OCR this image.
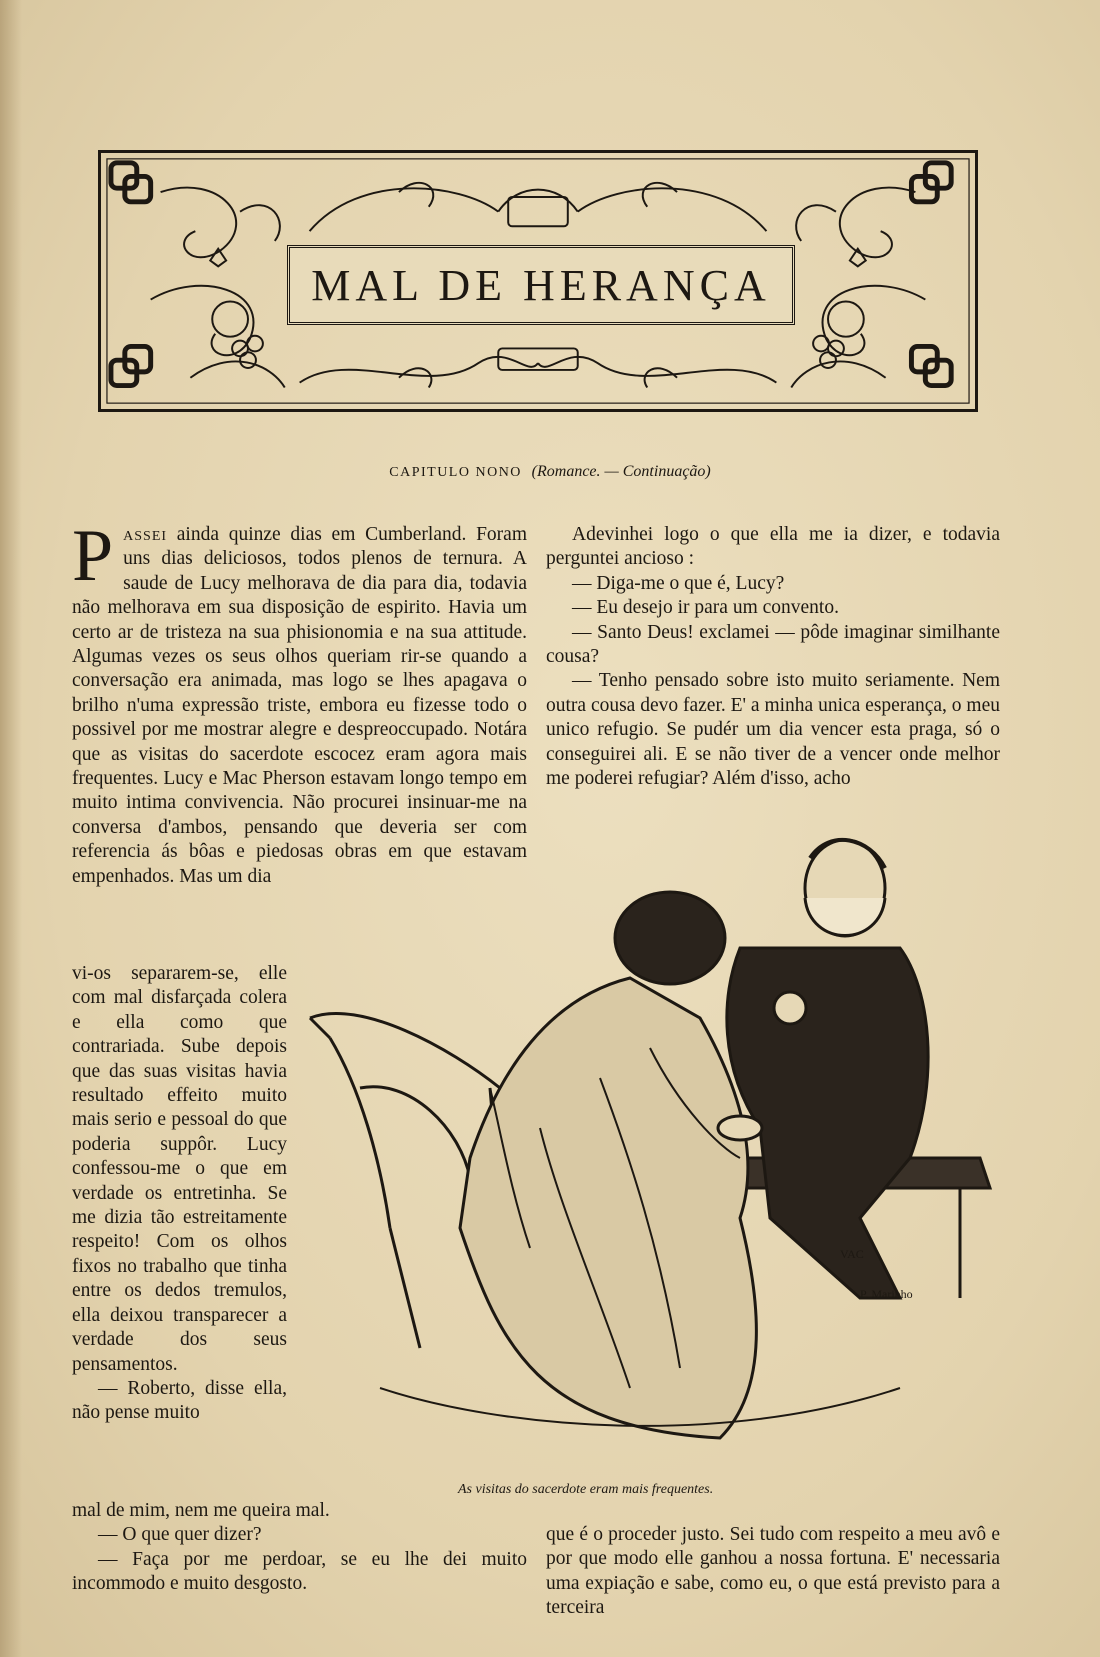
MAL DE HERANÇA
CAPITULO NONO (Romance. — Continuação)

Passei ainda quinze dias em Cumberland. Foram uns dias deliciosos, todos plenos de ternura. A saude de Lucy melhorava de dia para dia, todavia não melhorava em sua disposição de espirito. Havia um certo ar de tristeza na sua phisionomia e na sua attitude. Algumas vezes os seus olhos queriam rir-se quando a conversação era animada, mas logo se lhes apagava o brilho n'uma expressão triste, embora eu fizesse todo o possivel por me mostrar alegre e despreoccupado. Notára que as visitas do sacerdote escocez eram agora mais frequentes. Lucy e Mac Pherson estavam longo tempo em muito intima convivencia. Não procurei insinuar-me na conversa d'ambos, pensando que deveria ser com referencia ás bôas e piedosas obras em que estavam empenhados. Mas um dia

vi-os separarem-se, elle com mal disfarçada colera e ella como que contrariada. Sube depois que das suas visitas havia resultado effeito muito mais serio e pessoal do que poderia suppôr. Lucy confessou-me o que em verdade os entretinha. Se me dizia tão estreitamente respeito! Com os olhos fixos no trabalho que tinha entre os dedos tremulos, ella deixou transparecer a verdade dos seus pensamentos.

— Roberto, disse ella, não pense muito

mal de mim, nem me queira mal.

— O que quer dizer?

— Faça por me perdoar, se eu lhe dei muito incommodo e muito desgosto.

Adevinhei logo o que ella me ia dizer, e todavia perguntei ancioso :

— Diga-me o que é, Lucy?

— Eu desejo ir para um convento.

— Santo Deus! exclamei — pôde imaginar similhante cousa?

— Tenho pensado sobre isto muito seriamente. Nem outra cousa devo fazer. E' a minha unica esperança, o meu unico refugio. Se pudér um dia vencer esta praga, só o conseguirei ali. E se não tiver de a vencer onde melhor me poderei refugiar? Além d'isso, acho

VAC
P. Marinho
As visitas do sacerdote eram mais frequentes.

que é o proceder justo. Sei tudo com respeito a meu avô e por que modo elle ganhou a nossa fortuna. E' necessaria uma expiação e sabe, como eu, o que está previsto para a terceira
